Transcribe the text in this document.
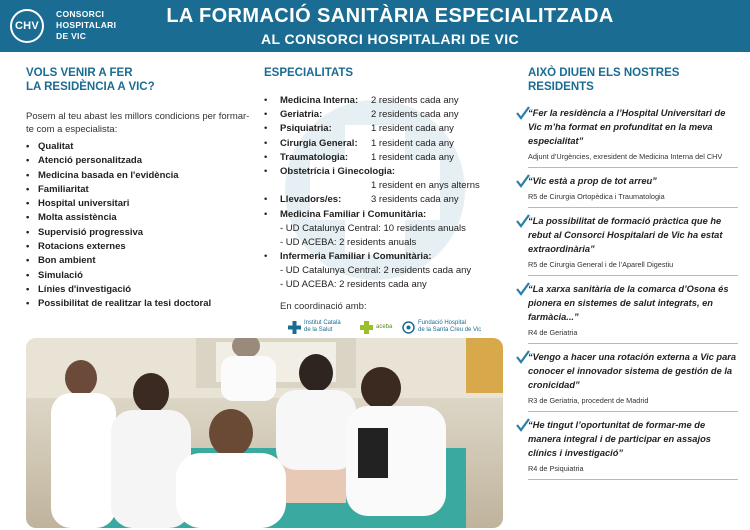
CHV
CONSORCI
HOSPITALARI
DE VIC
LA FORMACIÓ SANITÀRIA ESPECIALITZADA
AL CONSORCI HOSPITALARI DE VIC
VOLS VENIR A FER
LA RESIDÈNCIA A VIC?
Posem al teu abast les millors condicions per formar-te com a especialista:
• Qualitat
• Atenció personalitzada
• Medicina basada en l'evidència
• Familiaritat
• Hospital universitari
• Molta assistència
• Supervisió progressiva
• Rotacions externes
• Bon ambient
• Simulació
• Línies d'investigació
• Possibilitat de realitzar la tesi doctoral
ESPECIALITATS
• Medicina Interna: 2 residents cada any
• Geriatria:	2 residents cada any
• Psiquiatria:	1 resident cada any
• Cirurgia General: 1 resident cada any
• Traumatologia: 1 resident cada any
• Obstetrícia i Ginecologia:
1 resident en anys alterns
• Llevadors/es:	3 residents cada any
• Medicina Familiar i Comunitària:
- UD Catalunya Central: 10 residents anuals
- UD ACEBA: 2 residents anuals
• Infermeria Familiar i Comunitària:
- UD Catalunya Central: 2 residents cada any
- UD ACEBA: 2 residents cada any
En coordinació amb:
Institut Català
de la Salut
aceba
Fundació Hospital
de la Santa Creu de Vic
AIXÒ DIUEN ELS NOSTRES
RESIDENTS
“Fer la residència a l’Hospital Universitari de Vic m’ha format en profunditat en la meva especialitat”
Adjunt d’Urgències, exresident de Medicina Interna del CHV
“Vic està a prop de tot arreu”
R5 de Cirurgia Ortopèdica i Traumatologia
“La possibilitat de formació pràctica que he rebut al Consorci Hospitalari de Vic ha estat extraordinària”
R5 de Cirurgia General i de l’Aparell Digestiu
“La xarxa sanitària de la comarca d’Osona és pionera en sistemes de salut integrats, en farmàcia...”
R4 de Geriatria
“Vengo a hacer una rotación externa a Vic para conocer el innovador sistema de gestión de la cronicidad”
R3 de Geriatria, procedent de Madrid
“He tingut l’oportunitat de formar-me de manera integral i de participar en assajos clínics i investigació”
R4 de Psiquiatria
